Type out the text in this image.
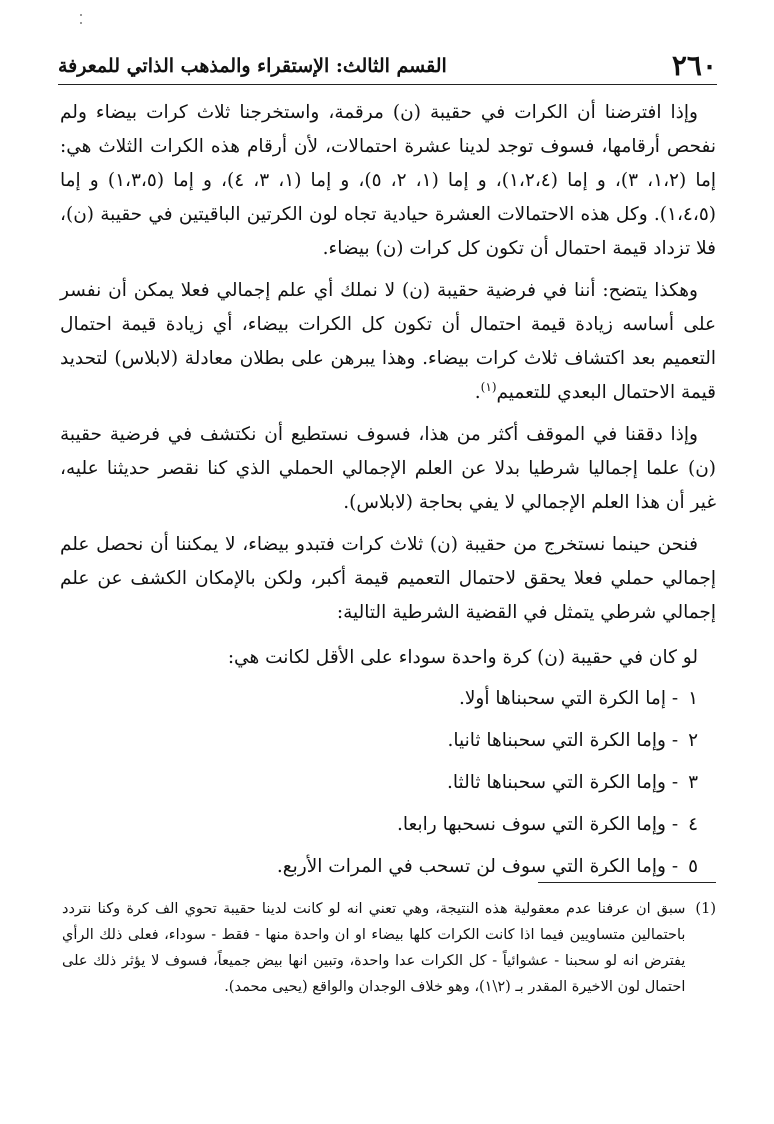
٢٦٠
القسم الثالث: الإستقراء والمذهب الذاتي للمعرفة

وإذا افترضنا أن الكرات في حقيبة (ن) مرقمة، واستخرجنا ثلاث كرات بيضاء ولم نفحص أرقامها، فسوف توجد لدينا عشرة احتمالات، لأن أرقام هذه الكرات الثلاث هي: إما (١،٢، ٣)، و إما (١،٢،٤)، و إما (١، ٢، ٥)، و إما (١، ٣، ٤)، و إما (١،٣،٥) و إما (١،٤،٥). وكل هذه الاحتمالات العشرة حيادية تجاه لون الكرتين الباقيتين في حقيبة (ن)، فلا تزداد قيمة احتمال أن تكون كل كرات (ن) بيضاء.

وهكذا يتضح: أننا في فرضية حقيبة (ن) لا نملك أي علم إجمالي فعلا يمكن أن نفسر على أساسه زيادة قيمة احتمال أن تكون كل الكرات بيضاء، أي زيادة قيمة احتمال التعميم بعد اكتشاف ثلاث كرات بيضاء. وهذا يبرهن على بطلان معادلة (لابلاس) لتحديد قيمة الاحتمال البعدي للتعميم$^{(١)}$.

وإذا دققنا في الموقف أكثر من هذا، فسوف نستطيع أن نكتشف في فرضية حقيبة (ن) علما إجماليا شرطيا بدلا عن العلم الإجمالي الحملي الذي كنا نقصر حديثنا عليه، غير أن هذا العلم الإجمالي لا يفي بحاجة (لابلاس).

فنحن حينما نستخرج من حقيبة (ن) ثلاث كرات فتبدو بيضاء، لا يمكننا أن نحصل علم إجمالي حملي فعلا يحقق لاحتمال التعميم قيمة أكبر، ولكن بالإمكان الكشف عن علم إجمالي شرطي يتمثل في القضية الشرطية التالية:

لو كان في حقيبة (ن) كرة واحدة سوداء على الأقل لكانت هي:
١ - إما الكرة التي سحبناها أولا.
٢ - وإما الكرة التي سحبناها ثانيا.
٣ - وإما الكرة التي سحبناها ثالثا.
٤ - وإما الكرة التي سوف نسحبها رابعا.
٥ - وإما الكرة التي سوف لن تسحب في المرات الأربع.
(1)
سبق ان عرفنا عدم معقولية هذه النتيجة، وهي تعني انه لو كانت لدينا حقيبة تحوي الف كرة وكنا نتردد باحتمالين متساويين فيما اذا كانت الكرات كلها بيضاء او ان واحدة منها - فقط - سوداء، فعلى ذلك الرأي يفترض انه لو سحبنا - عشوائياً - كل الكرات عدا واحدة، وتبين انها بيض جميعاً، فسوف لا يؤثر ذلك على احتمال لون الاخيرة المقدر بـ (٢\١)، وهو خلاف الوجدان والواقع (يحيى محمد).
